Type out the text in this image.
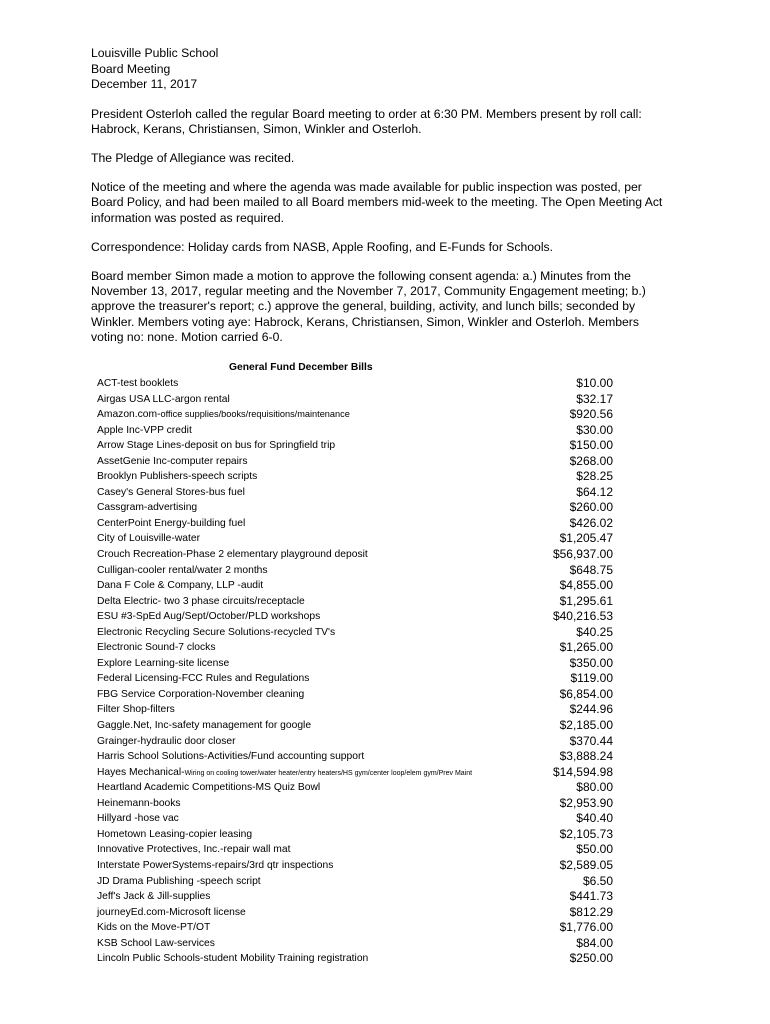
Louisville Public School
Board Meeting
December 11, 2017

President Osterloh called the regular Board meeting to order at 6:30 PM. Members present by roll call: Habrock, Kerans, Christiansen, Simon, Winkler and Osterloh.

The Pledge of Allegiance was recited.

Notice of the meeting and where the agenda was made available for public inspection was posted, per Board Policy, and had been mailed to all Board members mid-week to the meeting. The Open Meeting Act information was posted as required.

Correspondence: Holiday cards from NASB, Apple Roofing, and E-Funds for Schools.

Board member Simon made a motion to approve the following consent agenda: a.) Minutes from the November 13, 2017, regular meeting and the November 7, 2017, Community Engagement meeting; b.) approve the treasurer's report; c.) approve the general, building, activity, and lunch bills; seconded by Winkler. Members voting aye: Habrock, Kerans, Christiansen, Simon, Winkler and Osterloh. Members voting no: none. Motion carried 6-0.

General Fund December Bills
ACT-test booklets	$10.00
Airgas USA LLC-argon rental	$32.17
Amazon.com-office supplies/books/requisitions/maintenance	$920.56
Apple Inc-VPP credit	$30.00
Arrow Stage Lines-deposit on bus for Springfield trip	$150.00
AssetGenie Inc-computer repairs	$268.00
Brooklyn Publishers-speech scripts	$28.25
Casey's General Stores-bus fuel	$64.12
Cassgram-advertising	$260.00
CenterPoint Energy-building fuel	$426.02
City of Louisville-water	$1,205.47
Crouch Recreation-Phase 2 elementary playground deposit	$56,937.00
Culligan-cooler rental/water 2 months	$648.75
Dana F Cole & Company, LLP -audit	$4,855.00
Delta Electric- two 3 phase circuits/receptacle	$1,295.61
ESU #3-SpEd Aug/Sept/October/PLD workshops	$40,216.53
Electronic Recycling Secure Solutions-recycled TV's	$40.25
Electronic Sound-7 clocks	$1,265.00
Explore Learning-site license	$350.00
Federal Licensing-FCC Rules and Regulations	$119.00
FBG Service Corporation-November cleaning	$6,854.00
Filter Shop-filters	$244.96
Gaggle.Net, Inc-safety management for google	$2,185.00
Grainger-hydraulic door closer	$370.44
Harris School Solutions-Activities/Fund accounting support	$3,888.24
Hayes Mechanical-Wiring on cooling tower/water heater/entry heaters/HS gym/center loop/elem gym/Prev Maint	$14,594.98
Heartland Academic Competitions-MS Quiz Bowl	$80.00
Heinemann-books	$2,953.90
Hillyard -hose vac	$40.40
Hometown Leasing-copier leasing	$2,105.73
Innovative Protectives, Inc.-repair wall mat	$50.00
Interstate PowerSystems-repairs/3rd qtr inspections	$2,589.05
JD Drama Publishing -speech script	$6.50
Jeff's Jack & Jill-supplies	$441.73
journeyEd.com-Microsoft license	$812.29
Kids on the Move-PT/OT	$1,776.00
KSB School Law-services	$84.00
Lincoln Public Schools-student Mobility Training registration	$250.00
